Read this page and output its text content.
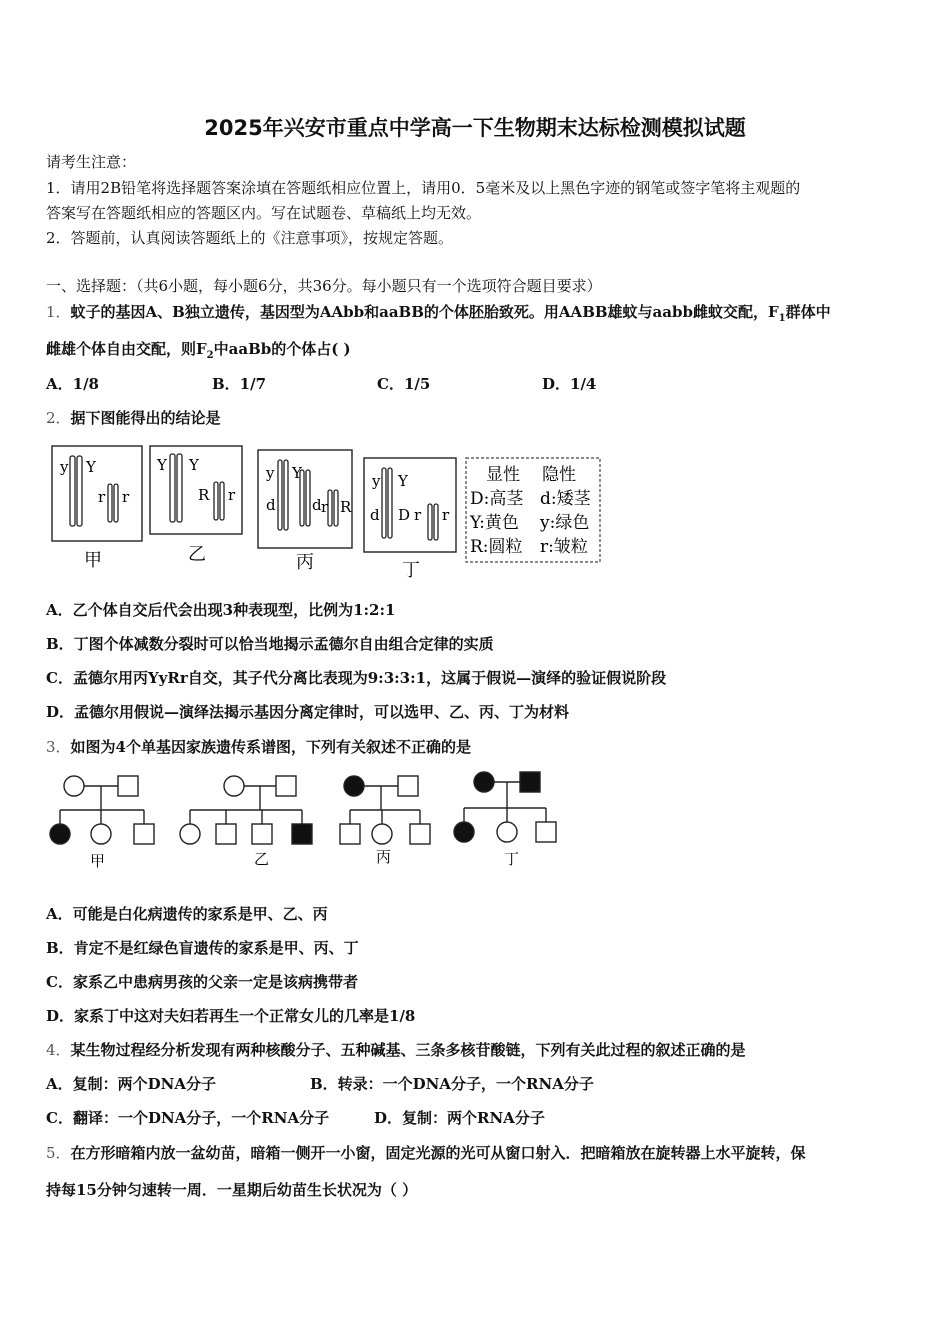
2025年兴安市重点中学高一下生物期末达标检测模拟试题
请考生注意：
1．请用2B铅笔将选择题答案涂填在答题纸相应位置上，请用0．5毫米及以上黑色字迹的钢笔或签字笔将主观题的
答案写在答题纸相应的答题区内。写在试题卷、草稿纸上均无效。
2．答题前，认真阅读答题纸上的《注意事项》，按规定答题。
一、选择题：（共6小题，每小题6分，共36分。每小题只有一个选项符合题目要求）
1．蚊子的基因A、B独立遗传，基因型为AAbb和aaBB的个体胚胎致死。用AABB雄蚊与aabb雌蚊交配，$F_1$群体中
雌雄个体自由交配，则$F_2$中aaBb的个体占( )
A．1/8	B．1/7	C．1/5	D．1/4
2．据下图能得出的结论是
y Y
r r
甲
Y Y
R r
乙
y Y
d d r R
丙
y Y
d D r r
丁
显性 隐性
D:高茎 d:矮茎
Y:黄色 y:绿色
R:圆粒 r:皱粒
A．乙个体自交后代会出现3种表现型，比例为1:2:1
B．丁图个体减数分裂时可以恰当地揭示孟德尔自由组合定律的实质
C．孟德尔用丙YyRr自交，其子代分离比表现为9:3:3:1，这属于假说—演绎的验证假说阶段
D．孟德尔用假说—演绎法揭示基因分离定律时，可以选甲、乙、丙、丁为材料
3．如图为4个单基因家族遗传系谱图，下列有关叙述不正确的是
甲	乙	丙	丁
A．可能是白化病遗传的家系是甲、乙、丙
B．肯定不是红绿色盲遗传的家系是甲、丙、丁
C．家系乙中患病男孩的父亲一定是该病携带者
D．家系丁中这对夫妇若再生一个正常女儿的几率是1/8
4．某生物过程经分析发现有两种核酸分子、五种碱基、三条多核苷酸链，下列有关此过程的叙述正确的是
A．复制：两个DNA分子	B．转录：一个DNA分子，一个RNA分子
C．翻译：一个DNA分子，一个RNA分子	D．复制：两个RNA分子
5．在方形暗箱内放一盆幼苗，暗箱一侧开一小窗，固定光源的光可从窗口射入．把暗箱放在旋转器上水平旋转，保
持每15分钟匀速转一周．一星期后幼苗生长状况为（ ）
